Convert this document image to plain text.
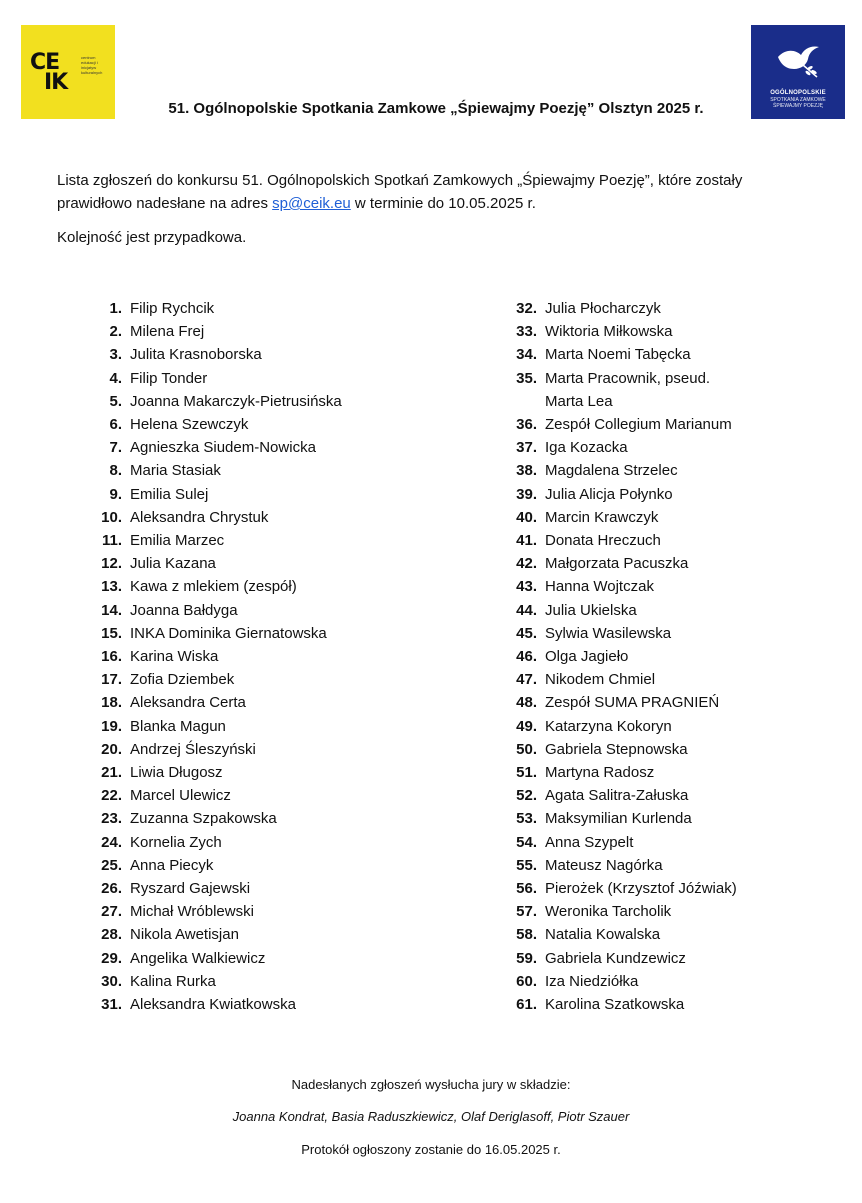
CE
IK
centrum edukacji i inicjatyw kulturalnych
OGÓLNOPOLSKIE
SPOTKANIA ZAMKOWE
ŚPIEWAJMY POEZJĘ
51. Ogólnopolskie Spotkania Zamkowe „Śpiewajmy Poezję” Olsztyn 2025 r.
Lista zgłoszeń do konkursu 51. Ogólnopolskich Spotkań Zamkowych „Śpiewajmy Poezję”, które zostały prawidłowo nadesłane na adres sp@ceik.eu w terminie do 10.05.2025 r.
Kolejność jest przypadkowa.
1. Filip Rychcik
2. Milena Frej
3. Julita Krasnoborska
4. Filip Tonder
5. Joanna Makarczyk-Pietrusińska
6. Helena Szewczyk
7. Agnieszka Siudem-Nowicka
8. Maria Stasiak
9. Emilia Sulej
10. Aleksandra Chrystuk
11. Emilia Marzec
12. Julia Kazana
13. Kawa z mlekiem (zespół)
14. Joanna Bałdyga
15. INKA Dominika Giernatowska
16. Karina Wiska
17. Zofia Dziembek
18. Aleksandra Certa
19. Blanka Magun
20. Andrzej Śleszyński
21. Liwia Długosz
22. Marcel Ulewicz
23. Zuzanna Szpakowska
24. Kornelia Zych
25. Anna Piecyk
26. Ryszard Gajewski
27. Michał Wróblewski
28. Nikola Awetisjan
29. Angelika Walkiewicz
30. Kalina Rurka
31. Aleksandra Kwiatkowska
32. Julia Płocharczyk
33. Wiktoria Miłkowska
34. Marta Noemi Tabęcka
35. Marta Pracownik, pseud. Marta Lea
36. Zespół Collegium Marianum
37. Iga Kozacka
38. Magdalena Strzelec
39. Julia Alicja Połynko
40. Marcin Krawczyk
41. Donata Hreczuch
42. Małgorzata Pacuszka
43. Hanna Wojtczak
44. Julia Ukielska
45. Sylwia Wasilewska
46. Olga Jagieło
47. Nikodem Chmiel
48. Zespół SUMA PRAGNIEŃ
49. Katarzyna Kokoryn
50. Gabriela Stepnowska
51. Martyna Radosz
52. Agata Salitra-Załuska
53. Maksymilian Kurlenda
54. Anna Szypelt
55. Mateusz Nagórka
56. Pierożek (Krzysztof Jóźwiak)
57. Weronika Tarcholik
58. Natalia Kowalska
59. Gabriela Kundzewicz
60. Iza Niedziółka
61. Karolina Szatkowska
Nadesłanych zgłoszeń wysłucha jury w składzie:
Joanna Kondrat, Basia Raduszkiewicz, Olaf Deriglasoff, Piotr Szauer
Protokół ogłoszony zostanie do 16.05.2025 r.
